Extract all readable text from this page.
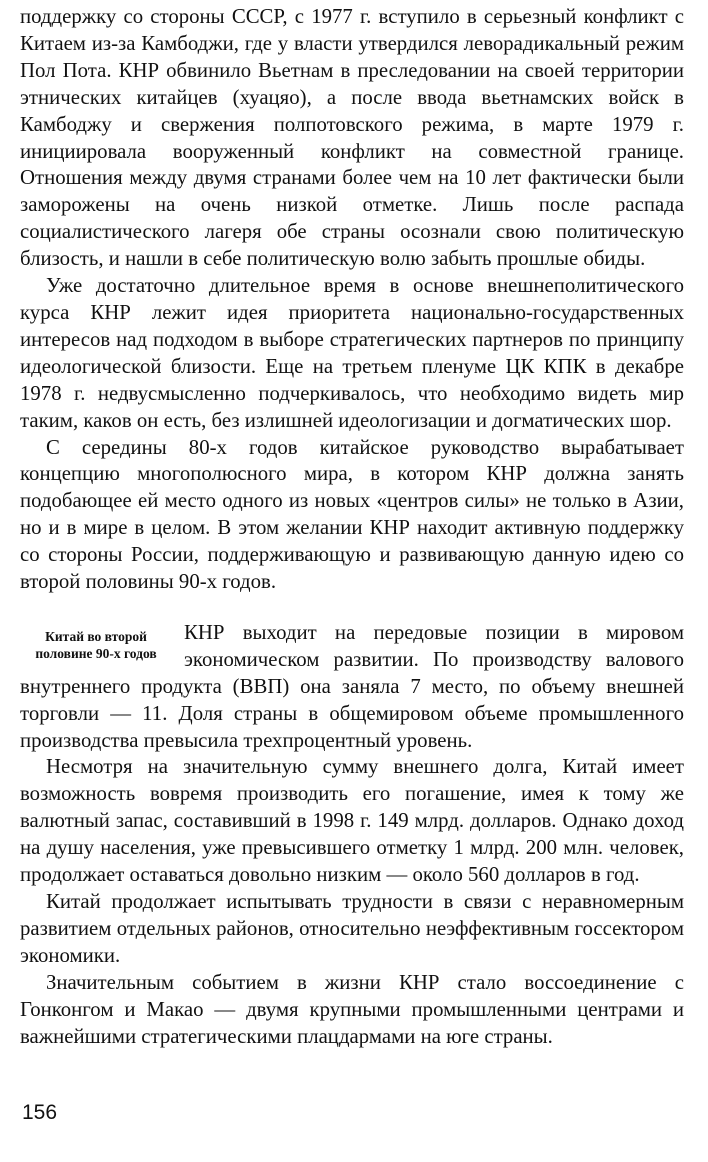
поддержку со стороны СССР, с 1977 г. вступило в серьезный конфликт с Китаем из-за Камбоджи, где у власти утвердился леворадикальный режим Пол Пота. КНР обвинило Вьетнам в преследовании на своей территории этнических китайцев (хуацяо), а после ввода вьетнамских войск в Камбоджу и свержения полпотовского режима, в марте 1979 г. инициировала вооруженный конфликт на совместной границе. Отношения между двумя странами более чем на 10 лет фактически были заморожены на очень низкой отметке. Лишь после распада социалистического лагеря обе страны осознали свою политическую близость, и нашли в себе политическую волю забыть прошлые обиды.

Уже достаточно длительное время в основе внешнеполитического курса КНР лежит идея приоритета национально-государственных интересов над подходом в выборе стратегических партнеров по принципу идеологической близости. Еще на третьем пленуме ЦК КПК в декабре 1978 г. недвусмысленно подчеркивалось, что необходимо видеть мир таким, каков он есть, без излишней идеологизации и догматических шор.

С середины 80-х годов китайское руководство вырабатывает концепцию многополюсного мира, в котором КНР должна занять подобающее ей место одного из новых «центров силы» не только в Азии, но и в мире в целом. В этом желании КНР находит активную поддержку со стороны России, поддерживающую и развивающую данную идею со второй половины 90-х годов.

Китай во второй половине 90-х годов

КНР выходит на передовые позиции в мировом экономическом развитии. По производству валового внутреннего продукта (ВВП) она заняла 7 место, по объему внешней торговли — 11. Доля страны в общемировом объеме промышленного производства превысила трехпроцентный уровень.

Несмотря на значительную сумму внешнего долга, Китай имеет возможность вовремя производить его погашение, имея к тому же валютный запас, составивший в 1998 г. 149 млрд. долларов. Однако доход на душу населения, уже превысившего отметку 1 млрд. 200 млн. человек, продолжает оставаться довольно низким — около 560 долларов в год.

Китай продолжает испытывать трудности в связи с неравномерным развитием отдельных районов, относительно неэффективным госсектором экономики.

Значительным событием в жизни КНР стало воссоединение с Гонконгом и Макао — двумя крупными промышленными центрами и важнейшими стратегическими плацдармами на юге страны.

156
